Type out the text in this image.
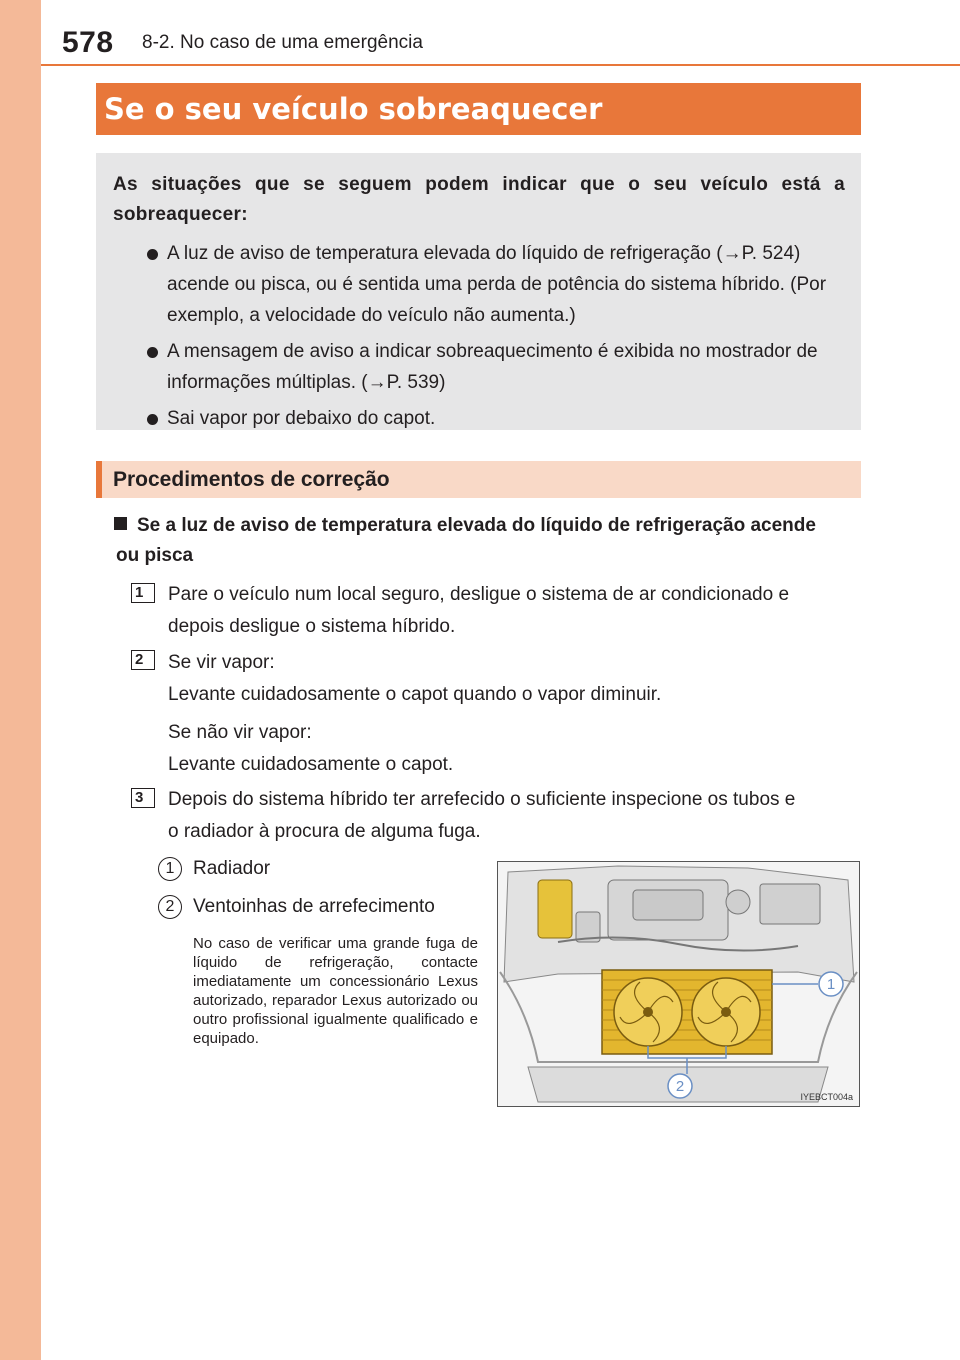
578 8-2. No caso de uma emergência
Se o seu veículo sobreaquecer
As situações que se seguem podem indicar que o seu veículo está a sobreaquecer:
A luz de aviso de temperatura elevada do líquido de refrigeração (→P. 524) acende ou pisca, ou é sentida uma perda de potência do sistema híbrido. (Por exemplo, a velocidade do veículo não aumenta.)
A mensagem de aviso a indicar sobreaquecimento é exibida no mostrador de informações múltiplas. (→P. 539)
Sai vapor por debaixo do capot.
Procedimentos de correção
Se a luz de aviso de temperatura elevada do líquido de refrigeração acende
ou pisca
1	Pare o veículo num local seguro, desligue o sistema de ar condicionado e
depois desligue o sistema híbrido.
2	Se vir vapor:
Levante cuidadosamente o capot quando o vapor diminuir.
Se não vir vapor:
Levante cuidadosamente o capot.
3	Depois do sistema híbrido ter arrefecido o suficiente inspecione os tubos e
o radiador à procura de alguma fuga.
1 Radiador
2 Ventoinhas de arrefecimento
No caso de verificar uma grande fuga de líquido de refrigeração, contacte imediatamente um concessionário Lexus autorizado, reparador Lexus autorizado ou outro profissional igualmente qualificado e equipado.
1
2
IYEBCT004a
